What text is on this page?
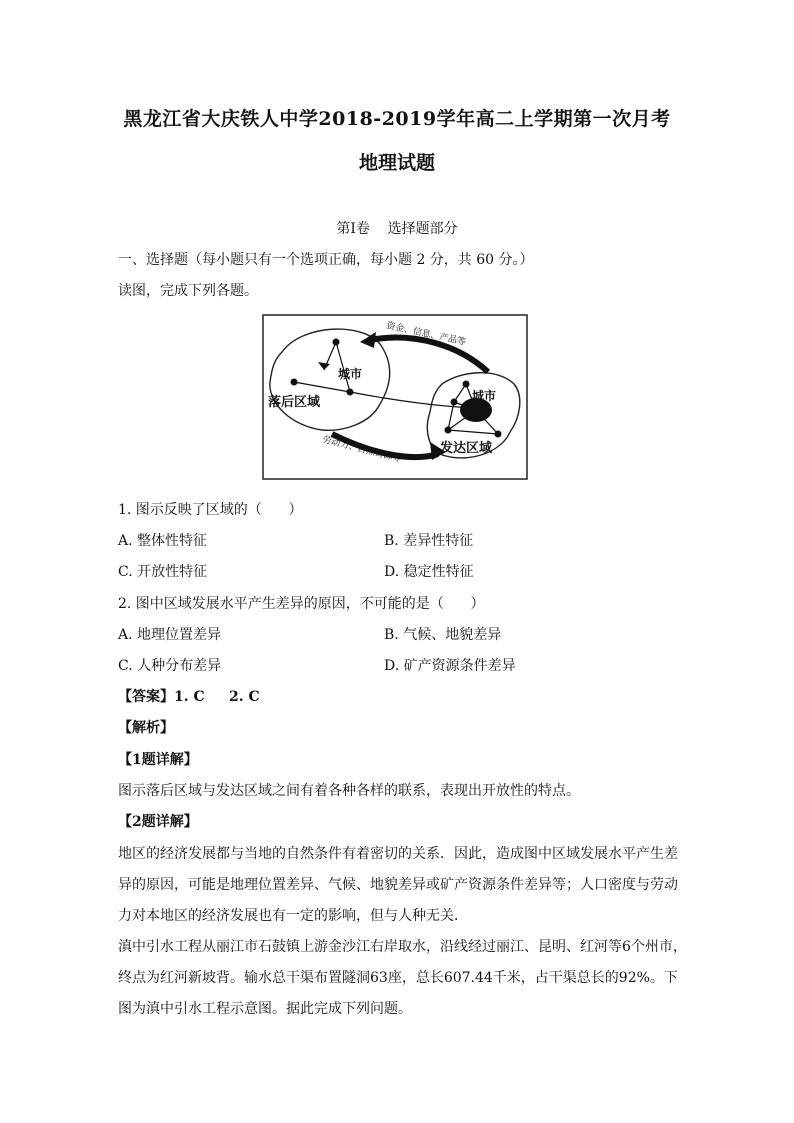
黑龙江省大庆铁人中学2018-2019学年高二上学期第一次月考
地理试题
第Ⅰ卷    选择题部分
一、选择题（每小题只有一个选项正确，每小题 2 分，共 60 分。）
读图，完成下列各题。
资金、信息、产品等
劳动力、自然资源等
城市
落后区域	城市
发达区域
1. 图示反映了区域的（      ）
A. 整体性特征	B. 差异性特征
C. 开放性特征	D. 稳定性特征
2. 图中区域发展水平产生差异的原因，不可能的是（      ）
A. 地理位置差异	B. 气候、地貌差异
C. 人种分布差异	D. 矿产资源条件差异
【答案】1. C     2. C
【解析】
【1题详解】
图示落后区域与发达区域之间有着各种各样的联系，表现出开放性的特点。
【2题详解】
地区的经济发展都与当地的自然条件有着密切的关系．因此，造成图中区域发展水平产生差
异的原因，可能是地理位置差异、气候、地貌差异或矿产资源条件差异等；人口密度与劳动
力对本地区的经济发展也有一定的影响，但与人种无关．
滇中引水工程从丽江市石鼓镇上游金沙江右岸取水，沿线经过丽江、昆明、红河等6个州市，
终点为红河新坡背。输水总干渠布置隧洞63座，总长607.44千米，占干渠总长的92%。下
图为滇中引水工程示意图。据此完成下列问题。
